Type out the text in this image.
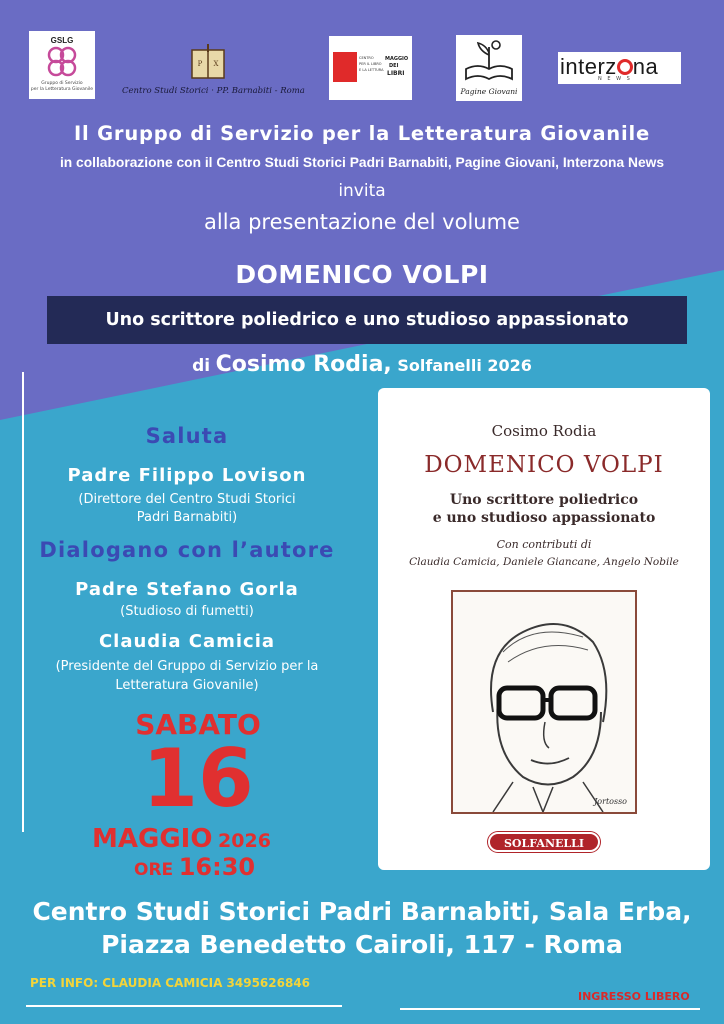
GSLG
Gruppo di Servizio
per la Letteratura Giovanile
P X
Centro Studi Storici · PP. Barnabiti - Roma
CENTRO
PER IL LIBRO
E LA LETTURA
MAGGIO
DEI
LIBRI
Pagine Giovani
interz na
N E W S
Il Gruppo di Servizio per la Letteratura Giovanile
in collaborazione con il Centro Studi Storici Padri Barnabiti, Pagine Giovani, Interzona News
invita
alla presentazione del volume
DOMENICO VOLPI
Uno scrittore poliedrico e uno studioso appassionato
di Cosimo Rodia, Solfanelli 2026
Saluta
Padre Filippo Lovison
(Direttore del Centro Studi Storici
Padri Barnabiti)
Dialogano con l’autore
Padre Stefano Gorla
(Studioso di fumetti)
Claudia Camicia
(Presidente del Gruppo di Servizio per la
Letteratura Giovanile)
SABATO
16
MAGGIO 2026
ORE 16:30
Cosimo Rodia
DOMENICO VOLPI
Uno scrittore poliedrico
e uno studioso appassionato
Con contributi di
Claudia Camicia, Daniele Giancane, Angelo Nobile
Jortosso
SOLFANELLI
Centro Studi Storici Padri Barnabiti, Sala Erba,
Piazza Benedetto Cairoli, 117 - Roma
PER INFO: CLAUDIA CAMICIA 3495626846
INGRESSO LIBERO
